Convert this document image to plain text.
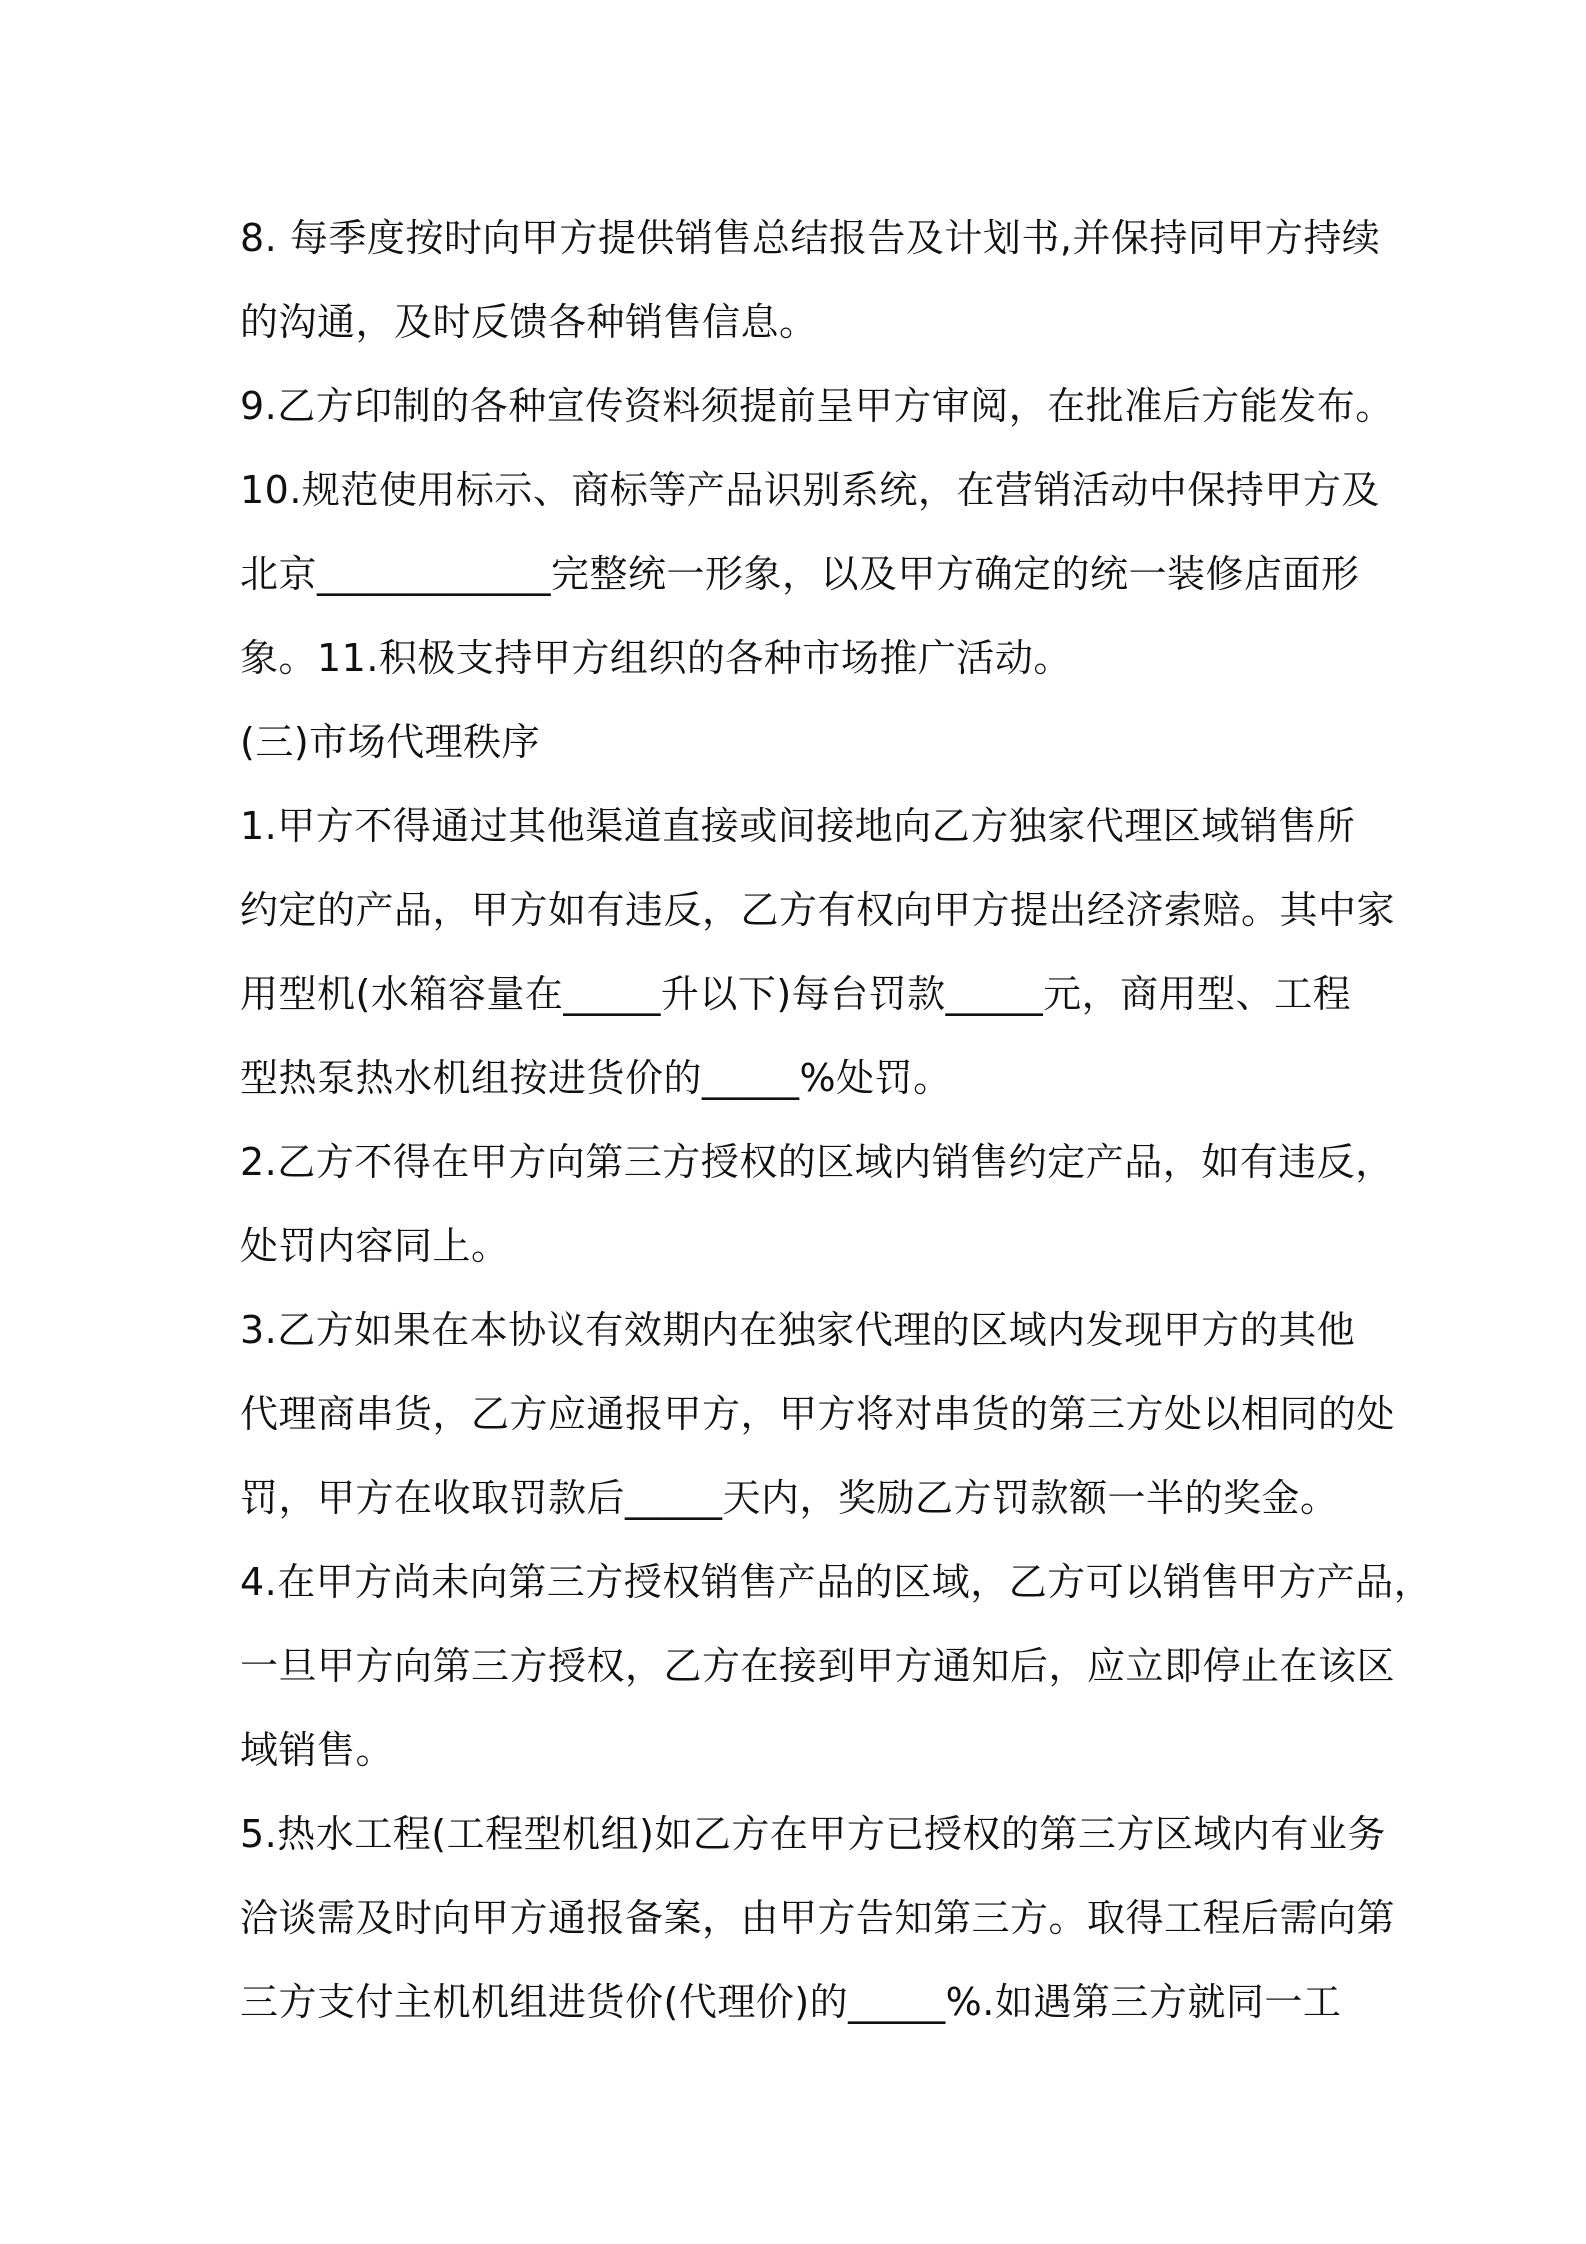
8. 每季度按时向甲方提供销售总结报告及计划书,并保持同甲方持续
的沟通，及时反馈各种销售信息。
9.乙方印制的各种宣传资料须提前呈甲方审阅，在批准后方能发布。
10.规范使用标示、商标等产品识别系统，在营销活动中保持甲方及
北京____________完整统一形象，以及甲方确定的统一装修店面形
象。11.积极支持甲方组织的各种市场推广活动。
(三)市场代理秩序
1.甲方不得通过其他渠道直接或间接地向乙方独家代理区域销售所
约定的产品，甲方如有违反，乙方有权向甲方提出经济索赔。其中家
用型机(水箱容量在_____升以下)每台罚款_____元，商用型、工程
型热泵热水机组按进货价的_____%处罚。
2.乙方不得在甲方向第三方授权的区域内销售约定产品，如有违反，
处罚内容同上。
3.乙方如果在本协议有效期内在独家代理的区域内发现甲方的其他
代理商串货，乙方应通报甲方，甲方将对串货的第三方处以相同的处
罚，甲方在收取罚款后_____天内，奖励乙方罚款额一半的奖金。
4.在甲方尚未向第三方授权销售产品的区域，乙方可以销售甲方产品，
一旦甲方向第三方授权，乙方在接到甲方通知后，应立即停止在该区
域销售。
5.热水工程(工程型机组)如乙方在甲方已授权的第三方区域内有业务
洽谈需及时向甲方通报备案，由甲方告知第三方。取得工程后需向第
三方支付主机机组进货价(代理价)的_____%.如遇第三方就同一工
